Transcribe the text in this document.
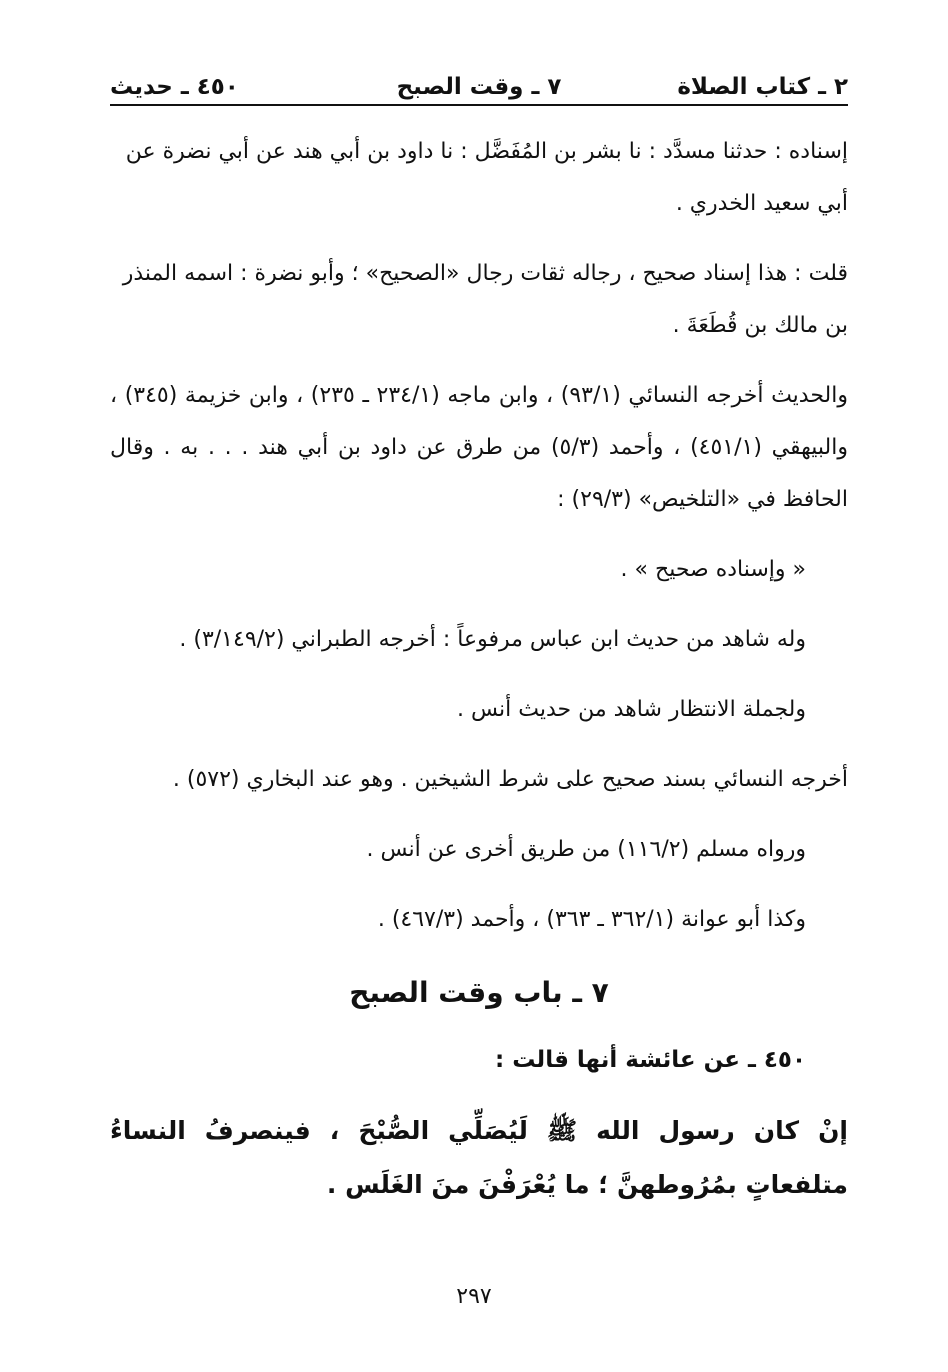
٢ ـ كتاب الصلاة
٧ ـ وقت الصبح
٤٥٠ ـ حديث

إسناده : حدثنا مسدَّد : نا بشر بن المُفَضَّل : نا داود بن أبي هند عن أبي نضرة عن أبي سعيد الخدري .

قلت : هذا إسناد صحيح ، رجاله ثقات رجال «الصحيح» ؛ وأبو نضرة : اسمه المنذر بن مالك بن قُطَعَةَ .

والحديث أخرجه النسائي (٩٣/١) ، وابن ماجه (٢٣٤/١ ـ ٢٣٥) ، وابن خزيمة (٣٤٥) ، والبيهقي (٤٥١/١) ، وأحمد (٥/٣) من طرق عن داود بن أبي هند . . . به . وقال الحافظ في «التلخيص» (٢٩/٣) :

« وإسناده صحيح » .

وله شاهد من حديث ابن عباس مرفوعاً : أخرجه الطبراني (٣/١٤٩/٢) .

ولجملة الانتظار شاهد من حديث أنس .

أخرجه النسائي بسند صحيح على شرط الشيخين . وهو عند البخاري (٥٧٢) .

ورواه مسلم (١١٦/٢) من طريق أخرى عن أنس .

وكذا أبو عوانة (٣٦٢/١ ـ ٣٦٣) ، وأحمد (٤٦٧/٣) .

٧ ـ باب وقت الصبح

٤٥٠ ـ عن عائشة أنها قالت :

إنْ كان رسول الله ﷺ لَيُصَلِّي الصُّبْحَ ، فينصرفُ النساءُ متلفعاتٍ بمُرُوطهنَّ ؛ ما يُعْرَفْنَ منَ الغَلَس .

٢٩٧
